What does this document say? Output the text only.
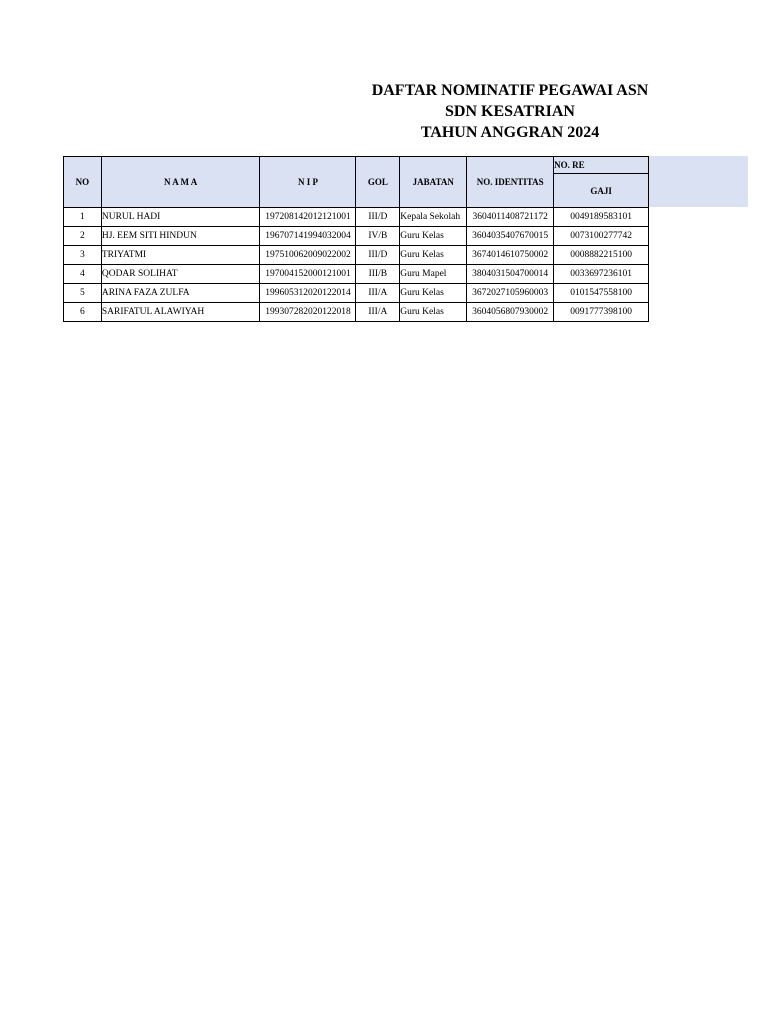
DAFTAR NOMINATIF PEGAWAI ASN
SDN KESATRIAN
TAHUN ANGGRAN 2024
NO	N A M A	N I P	GOL	JABATAN	NO. IDENTITAS	NO. RE
						GAJI
1	NURUL HADI	197208142012121001	III/D	Kepala Sekolah	3604011408721172	0049189583101
2	HJ. EEM SITI HINDUN	196707141994032004	IV/B	Guru Kelas	3604035407670015	0073100277742
3	TRIYATMI	197510062009022002	III/D	Guru Kelas	3674014610750002	0008882215100
4	QODAR SOLIHAT	197004152000121001	III/B	Guru Mapel	3804031504700014	0033697236101
5	ARINA FAZA ZULFA	199605312020122014	III/A	Guru Kelas	3672027105960003	0101547558100
6	SARIFATUL ALAWIYAH	199307282020122018	III/A	Guru Kelas	3604056807930002	0091777398100
